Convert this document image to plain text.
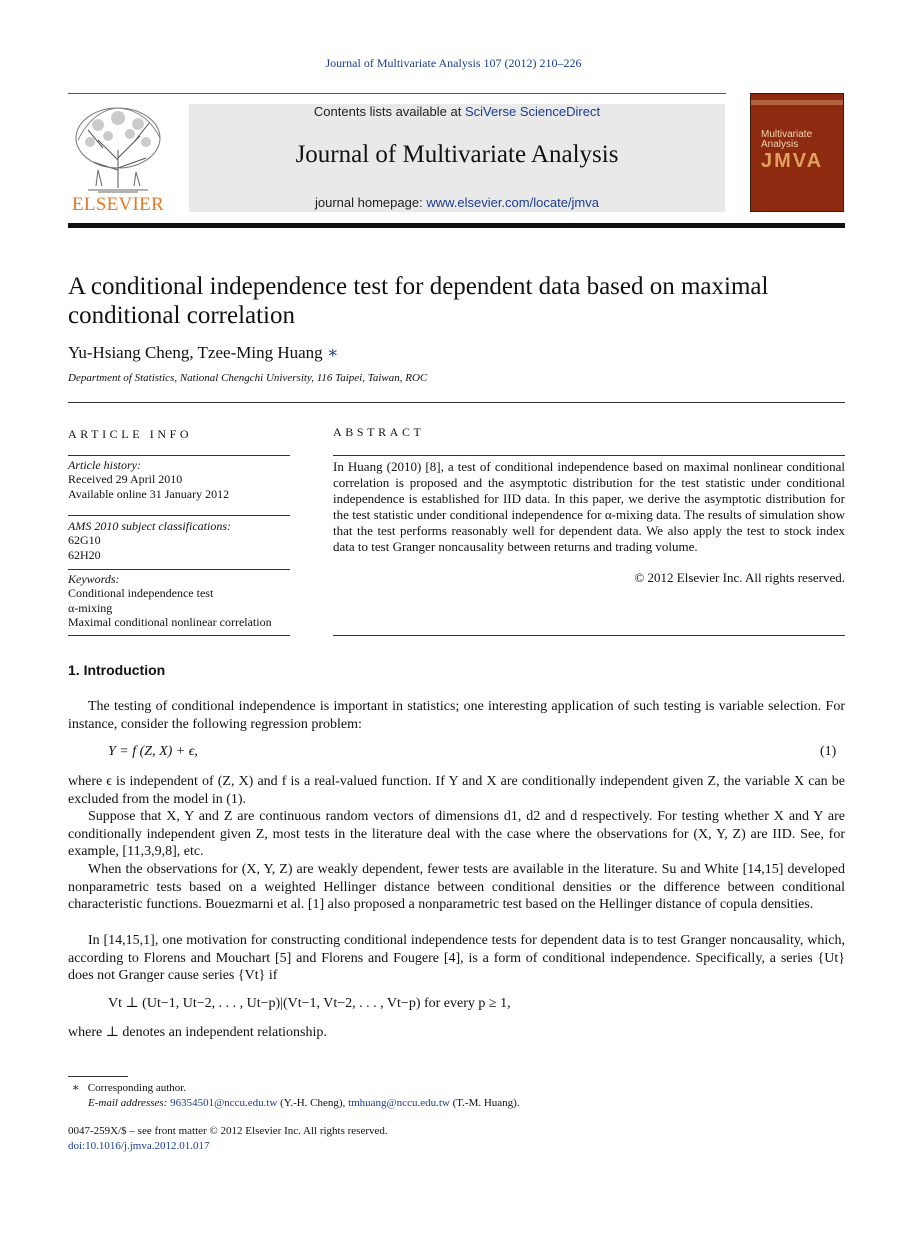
Journal of Multivariate Analysis 107 (2012) 210–226
ELSEVIER
Contents lists available at SciVerse ScienceDirect
Journal of Multivariate Analysis
journal homepage: www.elsevier.com/locate/jmva
Multivariate Analysis
JMVA
A conditional independence test for dependent data based on maximal conditional correlation
Yu-Hsiang Cheng, Tzee-Ming Huang ∗
Department of Statistics, National Chengchi University, 116 Taipei, Taiwan, ROC
ARTICLE INFO	ABSTRACT
Article history:
Received 29 April 2010
Available online 31 January 2012
AMS 2010 subject classifications:
62G10
62H20
Keywords:
Conditional independence test
α-mixing
Maximal conditional nonlinear correlation
In Huang (2010) [8], a test of conditional independence based on maximal nonlinear conditional correlation is proposed and the asymptotic distribution for the test statistic under conditional independence is established for IID data. In this paper, we derive the asymptotic distribution for the test statistic under conditional independence for α-mixing data. The results of simulation show that the test performs reasonably well for dependent data. We also apply the test to stock index data to test Granger noncausality between returns and trading volume.
© 2012 Elsevier Inc. All rights reserved.
1. Introduction
The testing of conditional independence is important in statistics; one interesting application of such testing is variable selection. For instance, consider the following regression problem:
Y = f (Z, X) + ϵ,	(1)
where ϵ is independent of (Z, X) and f is a real-valued function. If Y and X are conditionally independent given Z, the variable X can be excluded from the model in (1).
Suppose that X, Y and Z are continuous random vectors of dimensions d1, d2 and d respectively. For testing whether X and Y are conditionally independent given Z, most tests in the literature deal with the case where the observations for (X, Y, Z) are IID. See, for example, [11,3,9,8], etc.
When the observations for (X, Y, Z) are weakly dependent, fewer tests are available in the literature. Su and White [14,15] developed nonparametric tests based on a weighted Hellinger distance between conditional densities or the difference between conditional characteristic functions. Bouezmarni et al. [1] also proposed a nonparametric test based on the Hellinger distance of copula densities.
In [14,15,1], one motivation for constructing conditional independence tests for dependent data is to test Granger noncausality, which, according to Florens and Mouchart [5] and Florens and Fougere [4], is a form of conditional independence. Specifically, a series {Ut} does not Granger cause series {Vt} if
Vt ⊥ (Ut−1, Ut−2, . . . , Ut−p)|(Vt−1, Vt−2, . . . , Vt−p) for every p ≥ 1,
where ⊥ denotes an independent relationship.
∗ Corresponding author.
E-mail addresses: 96354501@nccu.edu.tw (Y.-H. Cheng), tmhuang@nccu.edu.tw (T.-M. Huang).
0047-259X/$ – see front matter © 2012 Elsevier Inc. All rights reserved.
doi:10.1016/j.jmva.2012.01.017
